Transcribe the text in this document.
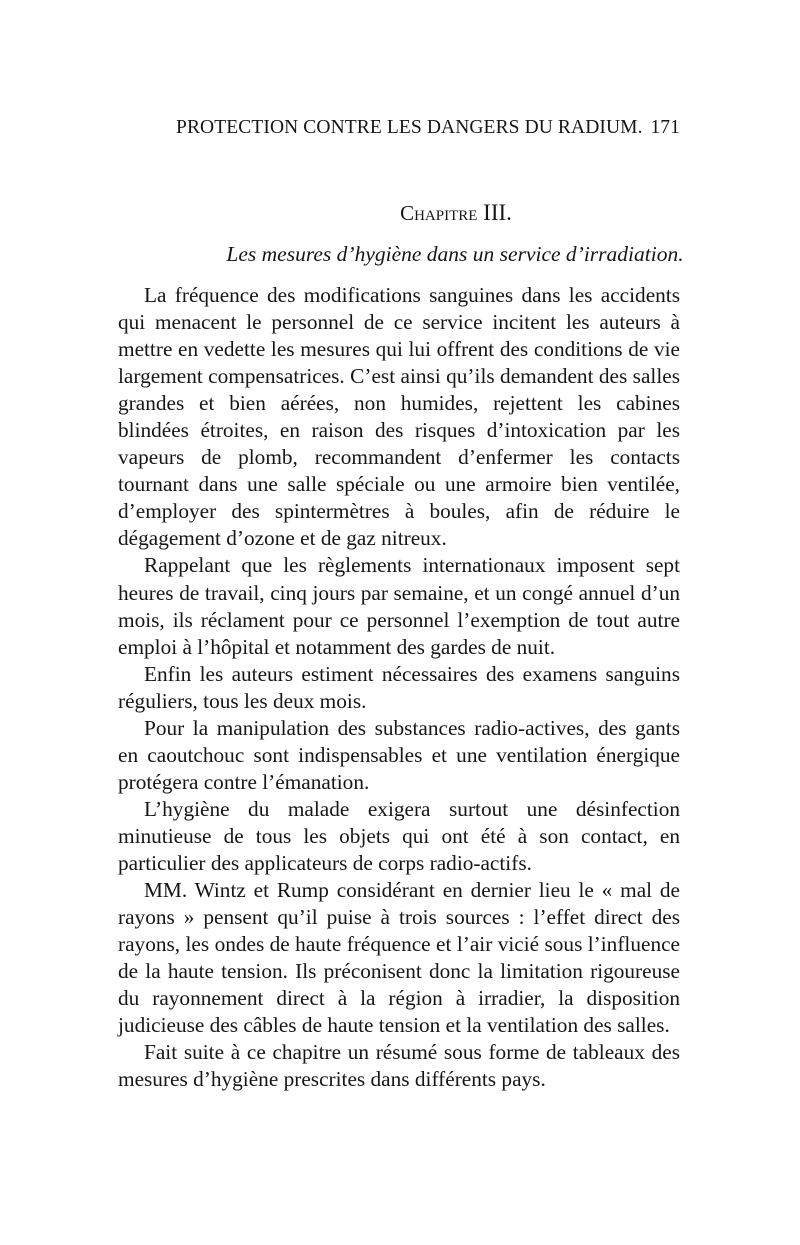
PROTECTION CONTRE LES DANGERS DU RADIUM. 171
Chapitre III.
Les mesures d’hygiène dans un service d’irradiation.

La fréquence des modifications sanguines dans les accidents qui menacent le personnel de ce service incitent les auteurs à mettre en vedette les mesures qui lui offrent des conditions de vie largement compensatrices. C’est ainsi qu’ils demandent des salles grandes et bien aérées, non humides, rejettent les cabines blindées étroites, en raison des risques d’intoxication par les vapeurs de plomb, recommandent d’enfermer les contacts tournant dans une salle spéciale ou une armoire bien ventilée, d’employer des spintermètres à boules, afin de réduire le dégagement d’ozone et de gaz nitreux.

Rappelant que les règlements internationaux imposent sept heures de travail, cinq jours par semaine, et un congé annuel d’un mois, ils réclament pour ce personnel l’exemption de tout autre emploi à l’hôpital et notamment des gardes de nuit.

Enfin les auteurs estiment nécessaires des examens sanguins réguliers, tous les deux mois.

Pour la manipulation des substances radio-actives, des gants en caoutchouc sont indispensables et une ventilation énergique protégera contre l’émanation.

L’hygiène du malade exigera surtout une désinfection minutieuse de tous les objets qui ont été à son contact, en particulier des applicateurs de corps radio-actifs.

MM. Wintz et Rump considérant en dernier lieu le « mal de rayons » pensent qu’il puise à trois sources : l’effet direct des rayons, les ondes de haute fréquence et l’air vicié sous l’influence de la haute tension. Ils préconisent donc la limitation rigoureuse du rayonnement direct à la région à irradier, la disposition judicieuse des câbles de haute tension et la ventilation des salles.

Fait suite à ce chapitre un résumé sous forme de tableaux des mesures d’hygiène prescrites dans différents pays.
